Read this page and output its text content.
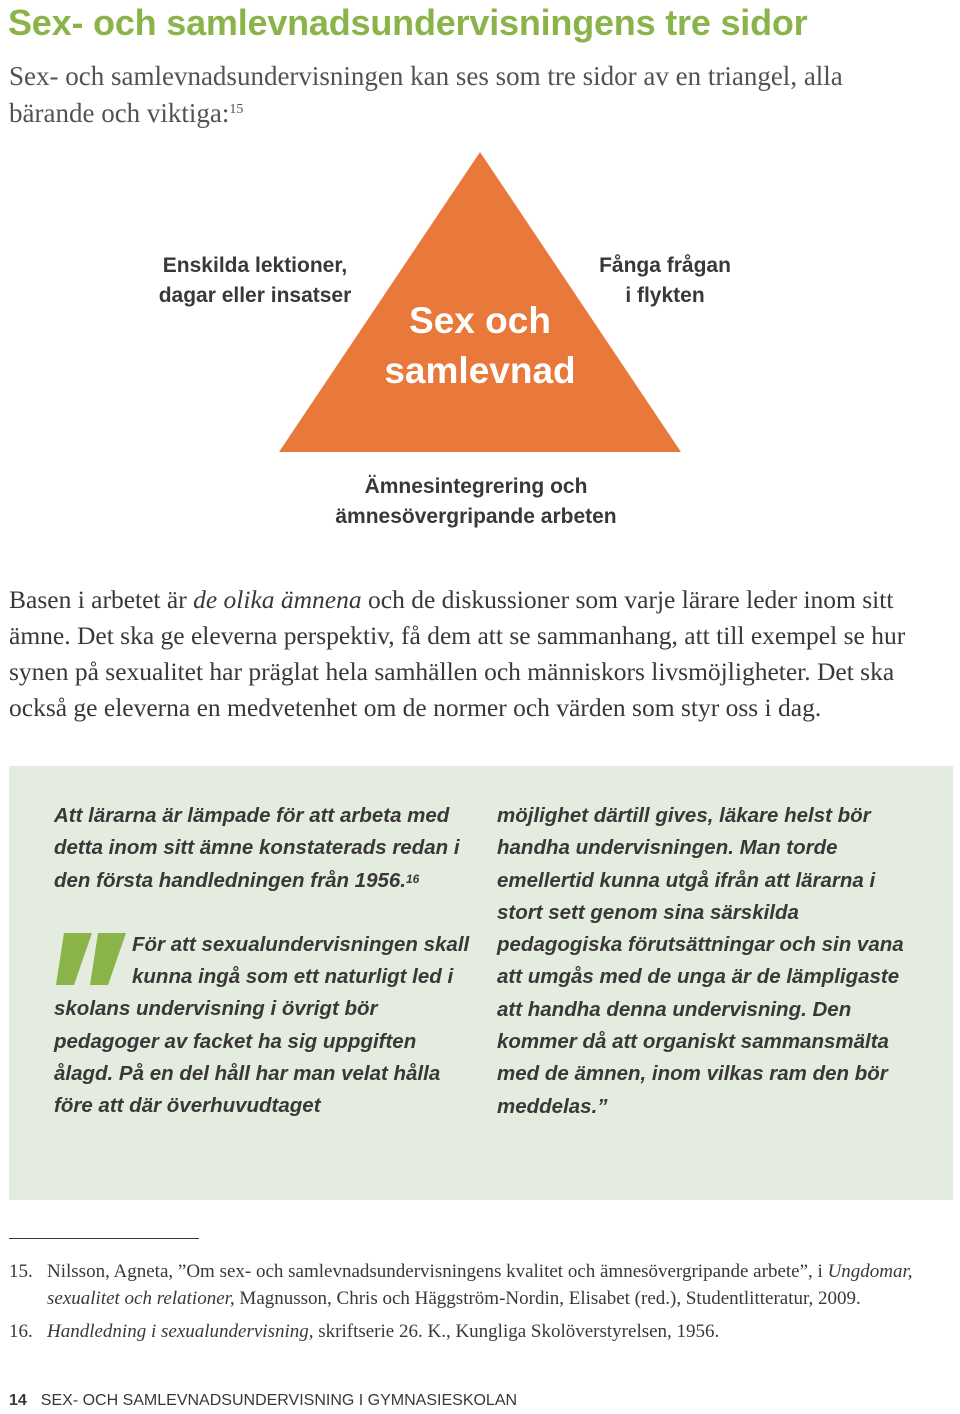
Sex- och samlevnadsundervisningens tre sidor

Sex- och samlevnadsundervisningen kan ses som tre sidor av en triangel, alla bärande och viktiga:$^{15}$

Sex och
samlevnad
Enskilda lektioner,
dagar eller insatser
Fånga frågan
i flykten
Ämnesintegrering och
ämnesövergripande arbeten

Basen i arbetet är de olika ämnena och de diskussioner som varje lärare leder inom sitt ämne. Det ska ge eleverna perspektiv, få dem att se sammanhang, att till exempel se hur synen på sexualitet har präglat hela samhällen och människors livsmöjligheter. Det ska också ge eleverna en medvetenhet om de normer och värden som styr oss i dag.

Att lärarna är lämpade för att arbeta med detta inom sitt ämne konstaterads redan i den första handledningen från 1956.16

För att sexualundervisningen skall kunna ingå som ett naturligt led i skolans undervisning i övrigt bör pedagoger av facket ha sig uppgiften ålagd. På en del håll har man velat hålla före att där överhuvudtaget

möjlighet därtill gives, läkare helst bör handha undervisningen. Man torde emellertid kunna utgå ifrån att lärarna i stort sett genom sina särskilda pedagogiska förutsättningar och sin vana att umgås med de unga är de lämpligaste att handha denna undervisning. Den kommer då att organiskt sammansmälta med de ämnen, inom vilkas ram den bör meddelas.”

15. Nilsson, Agneta, ”Om sex- och samlevnadsundervisningens kvalitet och ämnesövergripande arbete”, i Ungdomar, sexualitet och relationer, Magnusson, Chris och Häggström-Nordin, Elisabet (red.), Studentlitteratur, 2009.

16. Handledning i sexualundervisning, skriftserie 26. K., Kungliga Skolöverstyrelsen, 1956.

14 SEX- OCH SAMLEVNADSUNDERVISNING I GYMNASIESKOLAN
